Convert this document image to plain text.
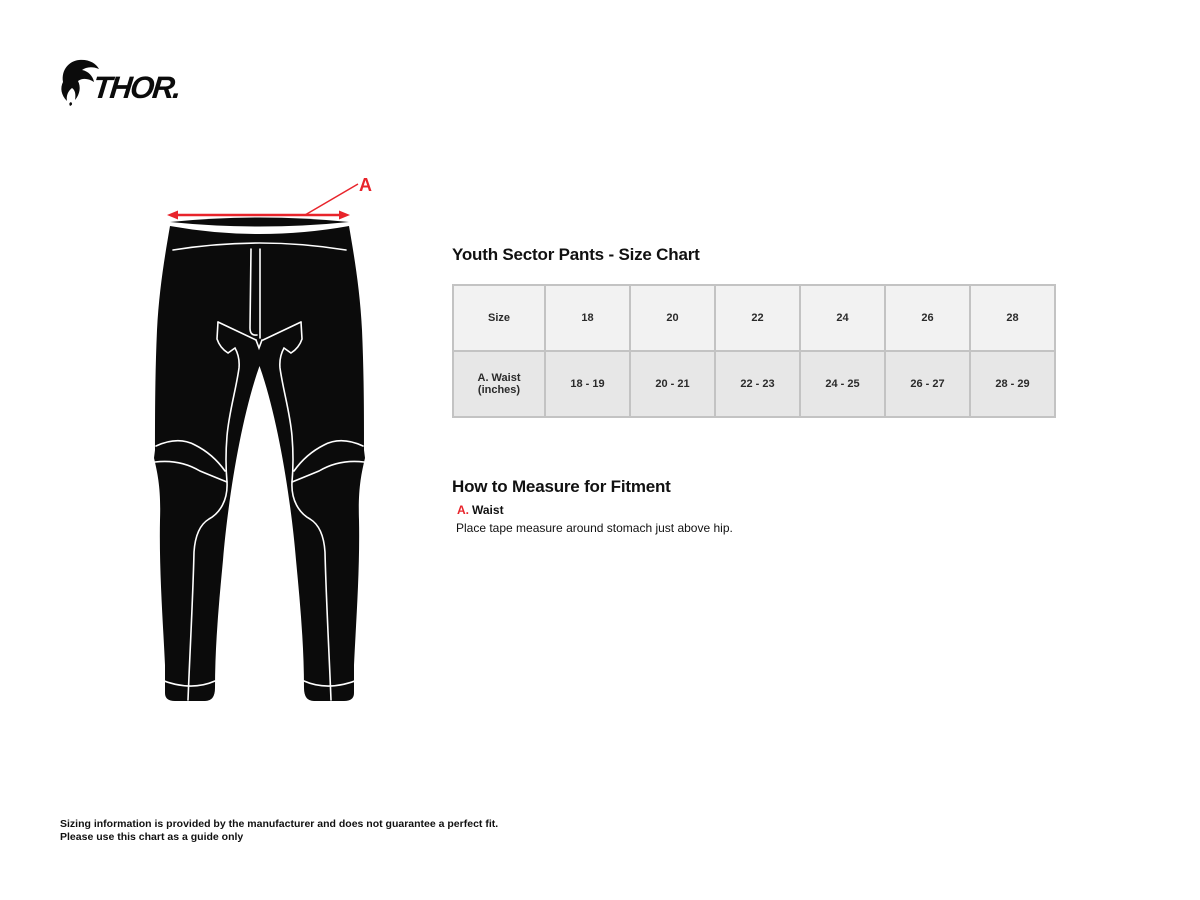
THOR.
A
Youth Sector Pants - Size Chart
Size	18	20	22	24	26	28
A. Waist (inches)	18 - 19	20 - 21	22 - 23	24 - 25	26 - 27	28 - 29
How to Measure for Fitment
A. Waist
Place tape measure around stomach just above hip.
Sizing information is provided by the manufacturer and does not guarantee a perfect fit.
Please use this chart as a guide only
